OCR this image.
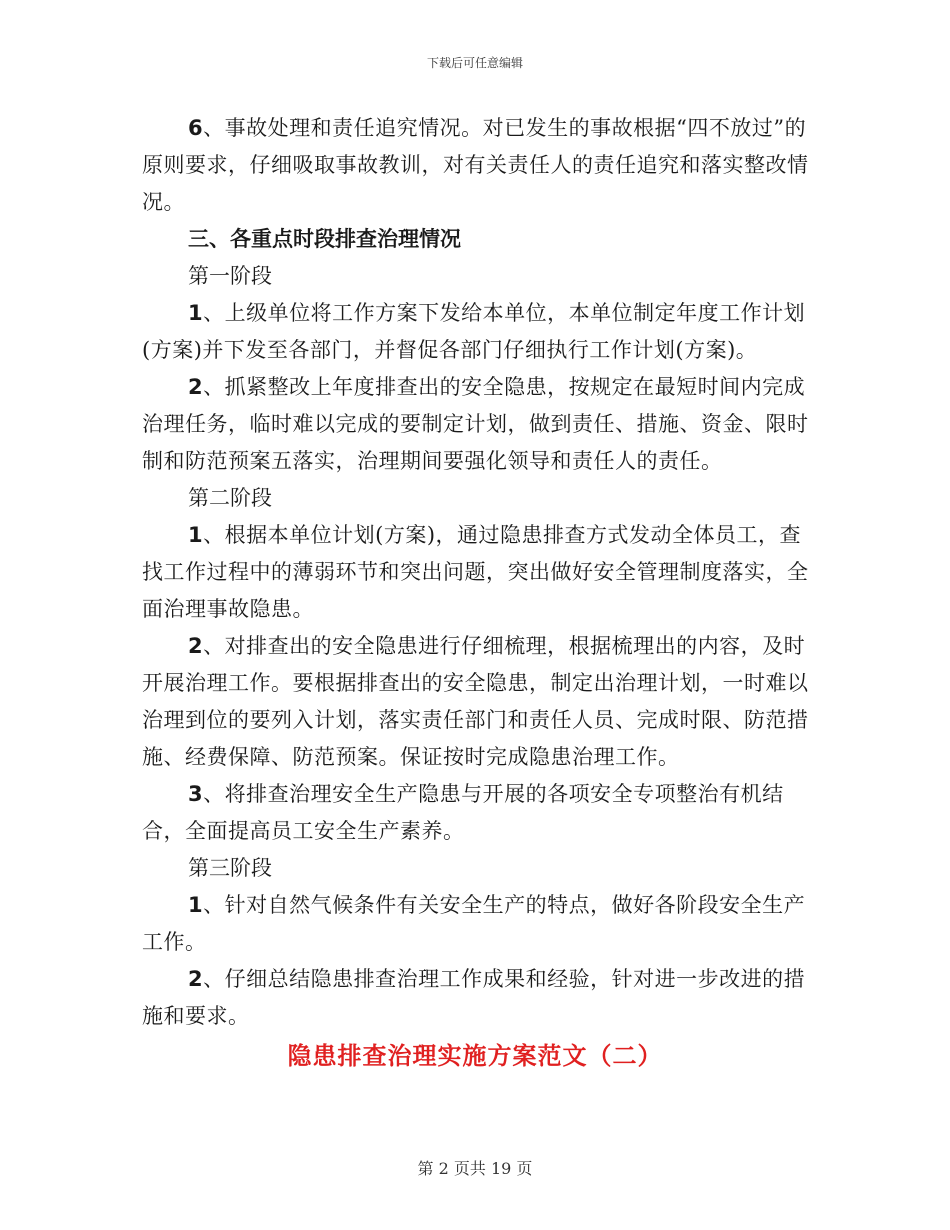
下载后可任意编辑

6、事故处理和责任追究情况。对已发生的事故根据“四不放过”的原则要求，仔细吸取事故教训，对有关责任人的责任追究和落实整改情况。

三、各重点时段排查治理情况

第一阶段

1、上级单位将工作方案下发给本单位，本单位制定年度工作计划(方案)并下发至各部门，并督促各部门仔细执行工作计划(方案)。

2、抓紧整改上年度排查出的安全隐患，按规定在最短时间内完成治理任务，临时难以完成的要制定计划，做到责任、措施、资金、限时制和防范预案五落实，治理期间要强化领导和责任人的责任。

第二阶段

1、根据本单位计划(方案)，通过隐患排查方式发动全体员工，查找工作过程中的薄弱环节和突出问题，突出做好安全管理制度落实，全面治理事故隐患。

2、对排查出的安全隐患进行仔细梳理，根据梳理出的内容，及时开展治理工作。要根据排查出的安全隐患，制定出治理计划，一时难以治理到位的要列入计划，落实责任部门和责任人员、完成时限、防范措施、经费保障、防范预案。保证按时完成隐患治理工作。

3、将排查治理安全生产隐患与开展的各项安全专项整治有机结合，全面提高员工安全生产素养。

第三阶段

1、针对自然气候条件有关安全生产的特点，做好各阶段安全生产工作。

2、仔细总结隐患排查治理工作成果和经验，针对进一步改进的措施和要求。

隐患排查治理实施方案范文（二）
第 2 页共 19 页
